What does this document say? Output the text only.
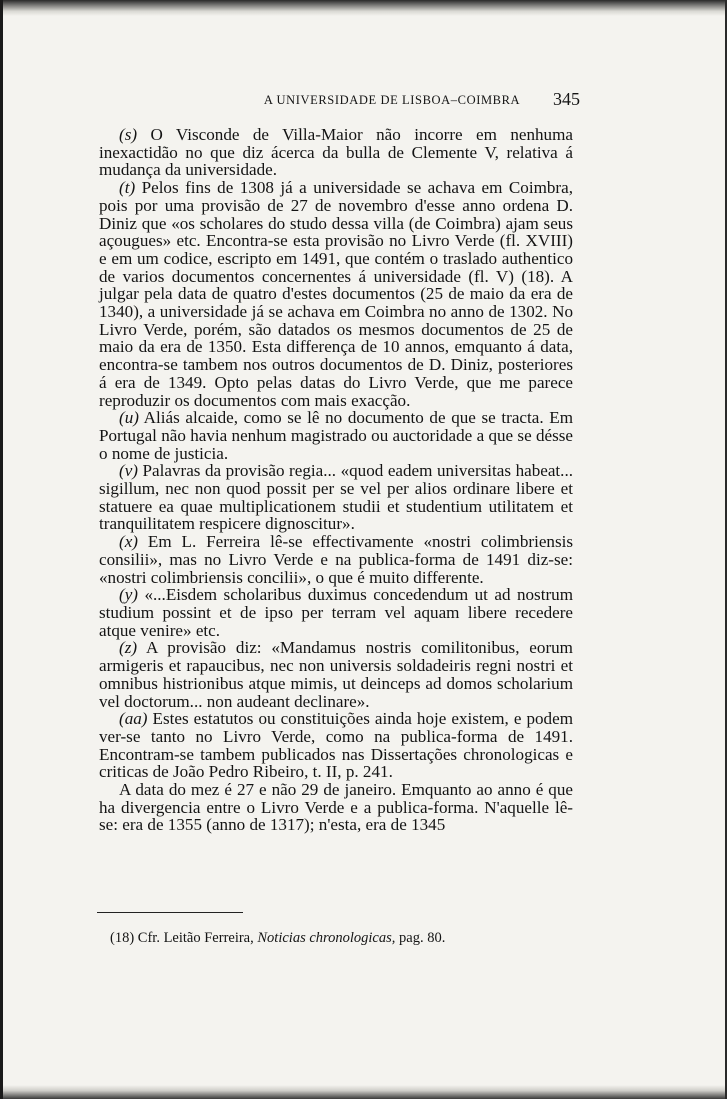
A UNIVERSIDADE DE LISBOA–COIMBRA	345

(s) O Visconde de Villa-Maior não incorre em nenhuma inexactidão no que diz ácerca da bulla de Clemente V, relativa á mudança da universidade.

(t) Pelos fins de 1308 já a universidade se achava em Coimbra, pois por uma provisão de 27 de novembro d'esse anno ordena D. Diniz que «os scholares do studo dessa villa (de Coimbra) ajam seus açougues» etc. Encontra-se esta provisão no Livro Verde (fl. XVIII) e em um codice, escripto em 1491, que contém o traslado authentico de varios documentos concernentes á universidade (fl. V) (18). A julgar pela data de quatro d'estes documentos (25 de maio da era de 1340), a universidade já se achava em Coimbra no anno de 1302. No Livro Verde, porém, são datados os mesmos documentos de 25 de maio da era de 1350. Esta differença de 10 annos, emquanto á data, encontra-se tambem nos outros documentos de D. Diniz, posteriores á era de 1349. Opto pelas datas do Livro Verde, que me parece reproduzir os documentos com mais exacção.

(u) Aliás alcaide, como se lê no documento de que se tracta. Em Portugal não havia nenhum magistrado ou auctoridade a que se désse o nome de justicia.

(v) Palavras da provisão regia... «quod eadem universitas habeat... sigillum, nec non quod possit per se vel per alios ordinare libere et statuere ea quae multiplicationem studii et studentium utilitatem et tranquilitatem respicere dignoscitur».

(x) Em L. Ferreira lê-se effectivamente «nostri colimbriensis consilii», mas no Livro Verde e na publica-forma de 1491 diz-se: «nostri colimbriensis concilii», o que é muito differente.

(y) «...Eisdem scholaribus duximus concedendum ut ad nostrum studium possint et de ipso per terram vel aquam libere recedere atque venire» etc.

(z) A provisão diz: «Mandamus nostris comilitonibus, eorum armigeris et rapaucibus, nec non universis soldadeiris regni nostri et omnibus histrionibus atque mimis, ut deinceps ad domos scholarium vel doctorum... non audeant declinare».

(aa) Estes estatutos ou constituições ainda hoje existem, e podem ver-se tanto no Livro Verde, como na publica-forma de 1491. Encontram-se tambem publicados nas Dissertações chronologicas e criticas de João Pedro Ribeiro, t. II, p. 241.

A data do mez é 27 e não 29 de janeiro. Emquanto ao anno é que ha divergencia entre o Livro Verde e a publica-forma. N'aquelle lê-se: era de 1355 (anno de 1317); n'esta, era de 1345

(18) Cfr. Leitão Ferreira, Noticias chronologicas, pag. 80.
